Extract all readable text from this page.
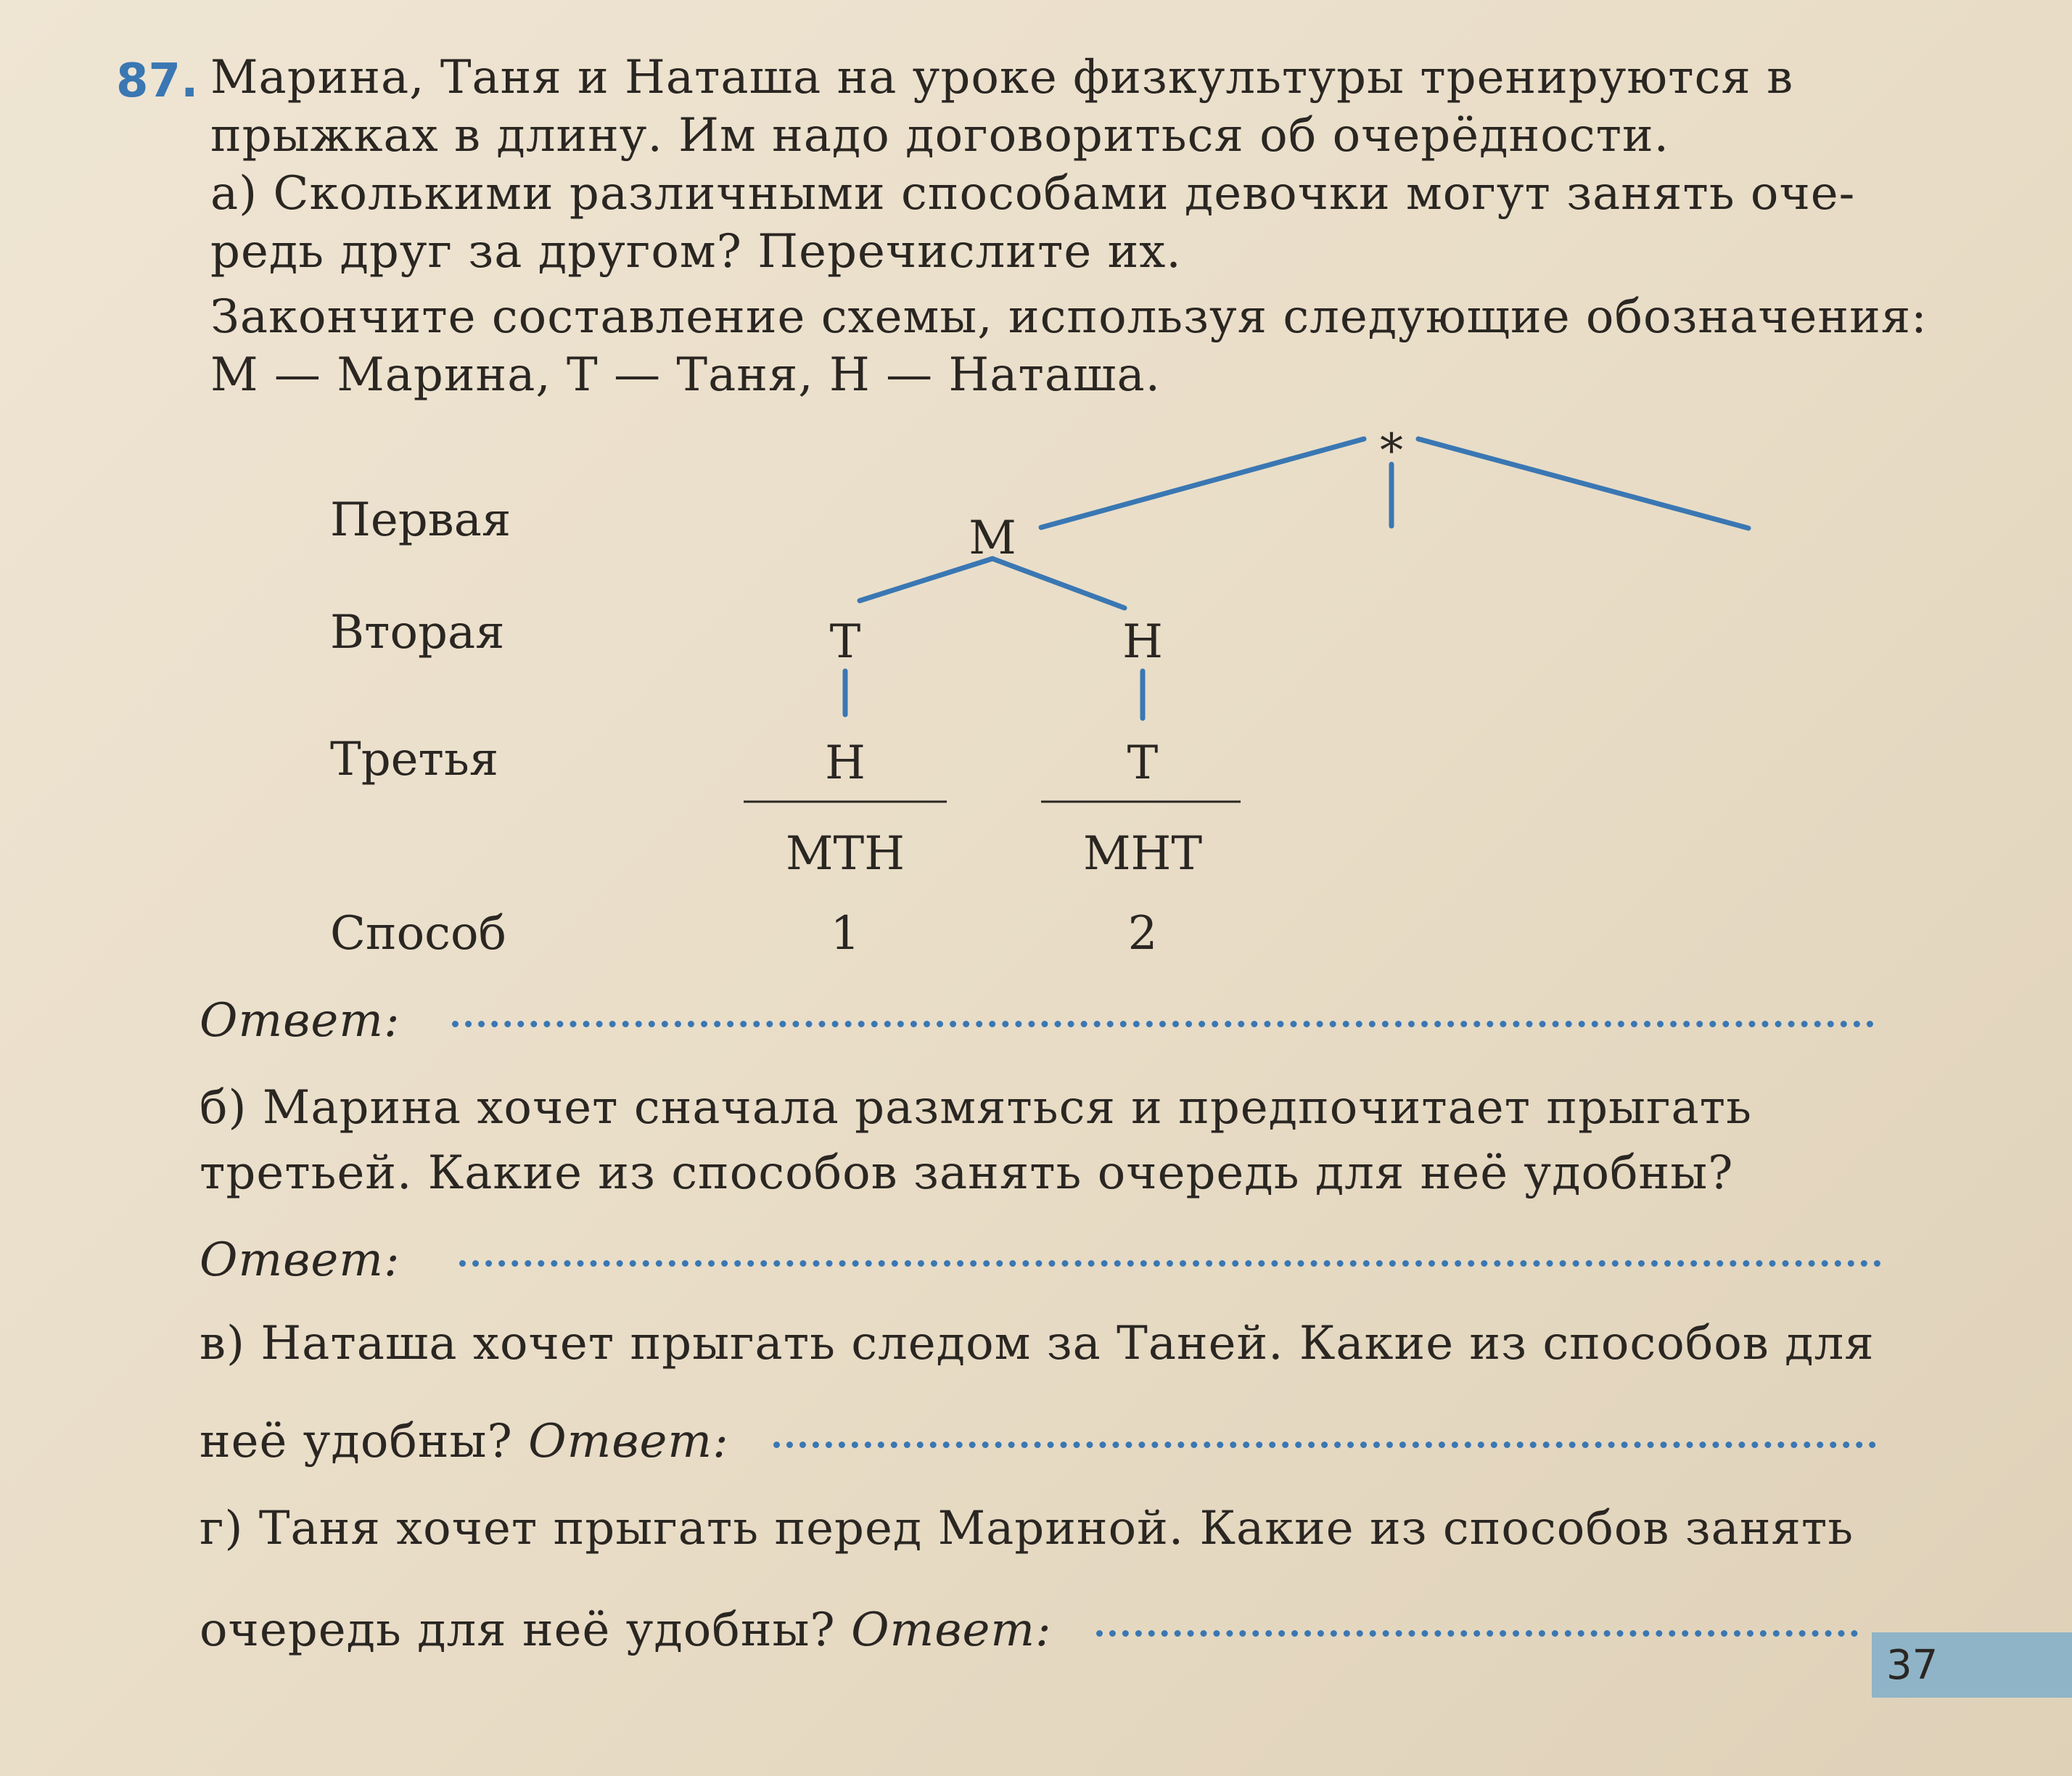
87. Марина, Таня и Наташа на уроке физкультуры тренируются в
прыжках в длину. Им надо договориться об очерёдности.
а) Сколькими различными способами девочки могут занять оче-
редь друг за другом? Перечислите их.
Закончите составление схемы, используя следующие обозначения:
М — Марина, Т — Таня, Н — Наташа.
Первая
Вторая
Третья
Способ
*
М
Т	Н
Н	Т
МТН	МНТ
1	2
Ответ:
б) Марина хочет сначала размяться и предпочитает прыгать
третьей. Какие из способов занять очередь для неё удобны?
Ответ:
в) Наташа хочет прыгать следом за Таней. Какие из способов для
неё удобны? Ответ:
г) Таня хочет прыгать перед Мариной. Какие из способов занять
очередь для неё удобны? Ответ:
37
